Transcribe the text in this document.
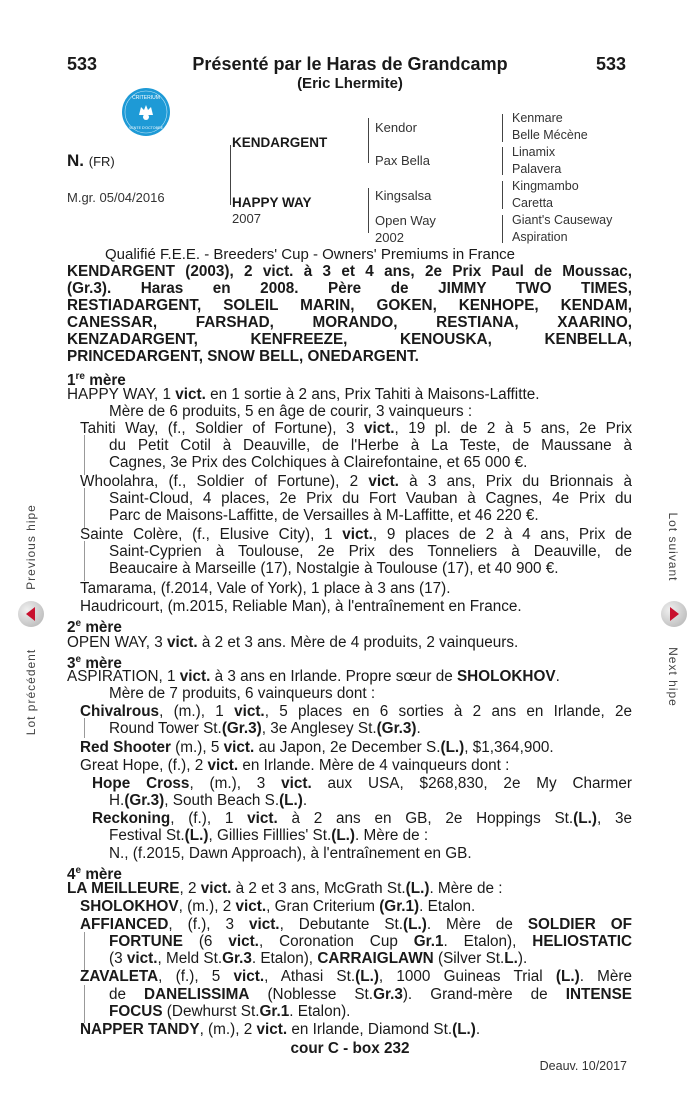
533	533
Présenté par le Haras de Grandcamp
(Eric Lhermite)
CRITERIUM
VENTE D'OCTOBRE
N. (FR)
M.gr. 05/04/2016
KENDARGENT
HAPPY WAY
2007
Kendor
Pax Bella
Kingsalsa
Open Way
2002
Kenmare
Belle Mécène
Linamix
Palavera
Kingmambo
Caretta
Giant's Causeway
Aspiration
Qualifié F.E.E. - Breeders' Cup - Owners' Premiums in France
KENDARGENT (2003), 2 vict. à 3 et 4 ans, 2e Prix Paul de Moussac,
(Gr.3). Haras en 2008. Père de JIMMY TWO TIMES,
RESTIADARGENT, SOLEIL MARIN, GOKEN, KENHOPE, KENDAM,
CANESSAR, FARSHAD, MORANDO, RESTIANA, XAARINO,
KENZADARGENT, KENFREEZE, KENOUSKA, KENBELLA,
PRINCEDARGENT, SNOW BELL, ONEDARGENT.
1re mère
HAPPY WAY, 1 vict. en 1 sortie à 2 ans, Prix Tahiti à Maisons-Laffitte.
Mère de 6 produits, 5 en âge de courir, 3 vainqueurs :
Tahiti Way, (f., Soldier of Fortune), 3 vict., 19 pl. de 2 à 5 ans, 2e Prix
du Petit Cotil à Deauville, de l'Herbe à La Teste, de Maussane à
Cagnes, 3e Prix des Colchiques à Clairefontaine, et 65 000 €.
Whoolahra, (f., Soldier of Fortune), 2 vict. à 3 ans, Prix du Brionnais à
Saint-Cloud, 4 places, 2e Prix du Fort Vauban à Cagnes, 4e Prix du
Parc de Maisons-Laffitte, de Versailles à M-Laffitte, et 46 220 €.
Sainte Colère, (f., Elusive City), 1 vict., 9 places de 2 à 4 ans, Prix de
Saint-Cyprien à Toulouse, 2e Prix des Tonneliers à Deauville, de
Beaucaire à Marseille (17), Nostalgie à Toulouse (17), et 40 900 €.
Tamarama, (f.2014, Vale of York), 1 place à 3 ans (17).
Haudricourt, (m.2015, Reliable Man), à l'entraînement en France.
2e mère
OPEN WAY, 3 vict. à 2 et 3 ans. Mère de 4 produits, 2 vainqueurs.
3e mère
ASPIRATION, 1 vict. à 3 ans en Irlande. Propre sœur de SHOLOKHOV.
Mère de 7 produits, 6 vainqueurs dont :
Chivalrous, (m.), 1 vict., 5 places en 6 sorties à 2 ans en Irlande, 2e
Round Tower St.(Gr.3), 3e Anglesey St.(Gr.3).
Red Shooter (m.), 5 vict. au Japon, 2e December S.(L.), $1,364,900.
Great Hope, (f.), 2 vict. en Irlande. Mère de 4 vainqueurs dont :
Hope Cross, (m.), 3 vict. aux USA, $268,830, 2e My Charmer
H.(Gr.3), South Beach S.(L.).
Reckoning, (f.), 1 vict. à 2 ans en GB, 2e Hoppings St.(L.), 3e
Festival St.(L.), Gillies Filllies' St.(L.). Mère de :
N., (f.2015, Dawn Approach), à l'entraînement en GB.
4e mère
LA MEILLEURE, 2 vict. à 2 et 3 ans, McGrath St.(L.). Mère de :
SHOLOKHOV, (m.), 2 vict., Gran Criterium (Gr.1). Etalon.
AFFIANCED, (f.), 3 vict., Debutante St.(L.). Mère de SOLDIER OF
FORTUNE (6 vict., Coronation Cup Gr.1. Etalon), HELIOSTATIC
(3 vict., Meld St.Gr.3. Etalon), CARRAIGLAWN (Silver St.L.).
ZAVALETA, (f.), 5 vict., Athasi St.(L.), 1000 Guineas Trial (L.). Mère
de DANELISSIMA (Noblesse St.Gr.3). Grand-mère de INTENSE
FOCUS (Dewhurst St.Gr.1. Etalon).
NAPPER TANDY, (m.), 2 vict. en Irlande, Diamond St.(L.).
cour C - box 232
Deauv. 10/2017
Previous hipe
Lot précédent
Lot suivant
Next hipe
